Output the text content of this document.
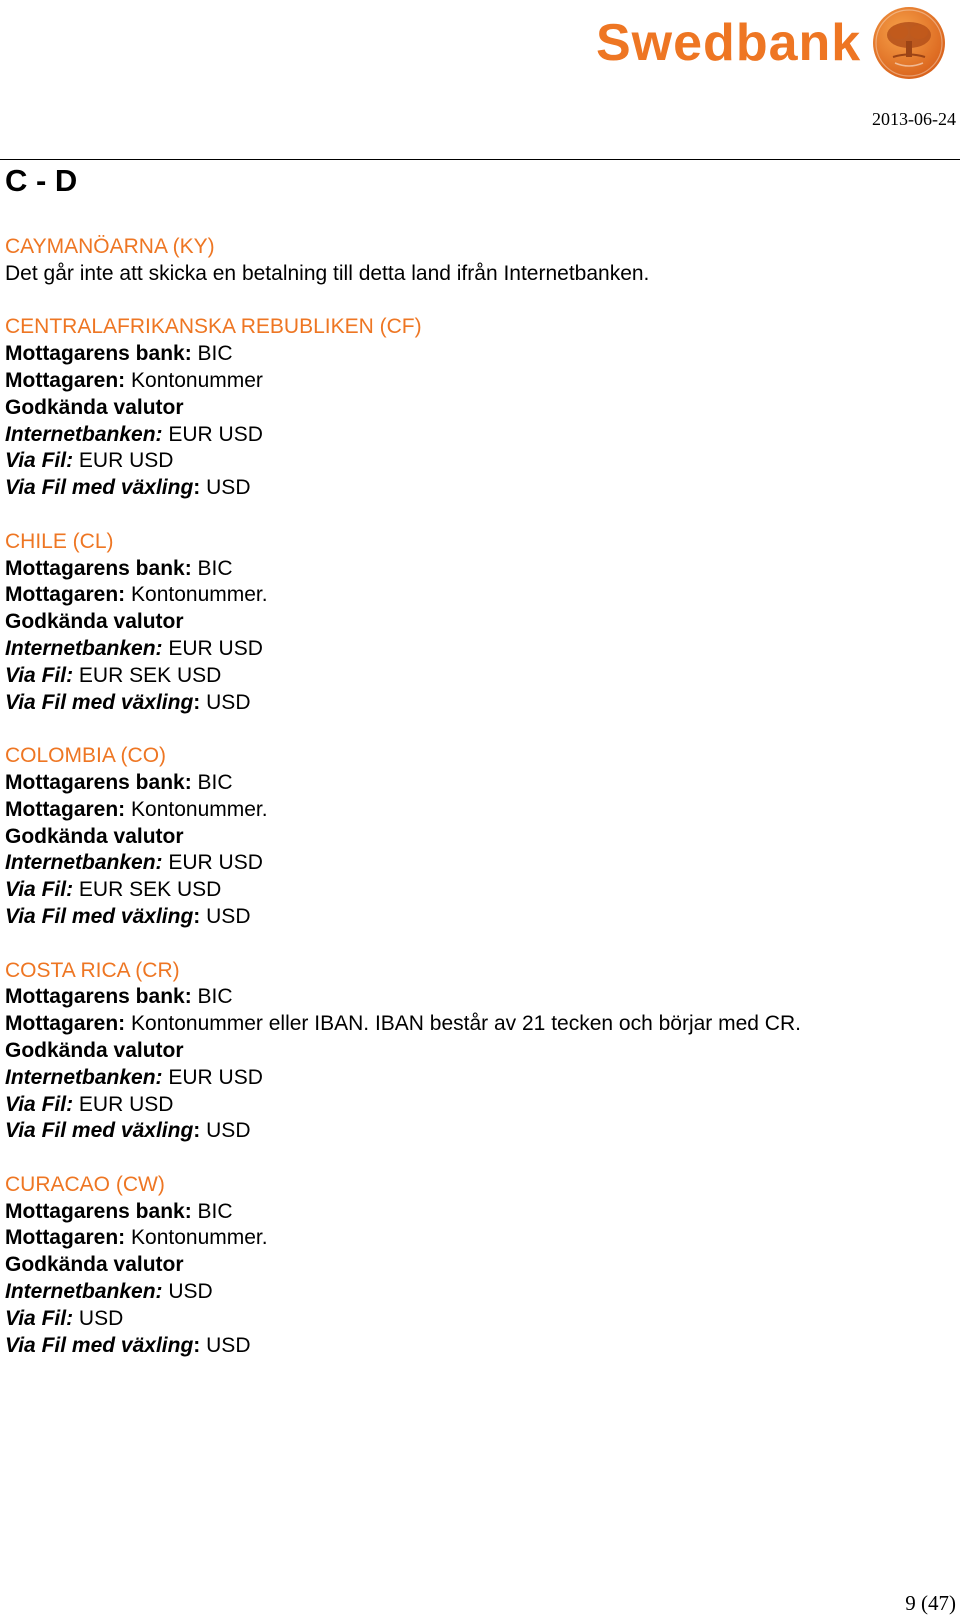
Swedbank
2013-06-24
C - D
CAYMANÖARNA (KY)
Det går inte att skicka en betalning till detta land ifrån Internetbanken.
CENTRALAFRIKANSKA REBUBLIKEN (CF)
Mottagarens bank: BIC
Mottagaren: Kontonummer
Godkända valutor
Internetbanken: EUR USD
Via Fil: EUR USD
Via Fil med växling: USD
CHILE (CL)
Mottagarens bank: BIC
Mottagaren: Kontonummer.
Godkända valutor
Internetbanken: EUR USD
Via Fil: EUR SEK USD
Via Fil med växling: USD
COLOMBIA (CO)
Mottagarens bank: BIC
Mottagaren: Kontonummer.
Godkända valutor
Internetbanken: EUR USD
Via Fil: EUR SEK USD
Via Fil med växling: USD
COSTA RICA (CR)
Mottagarens bank: BIC
Mottagaren: Kontonummer eller IBAN. IBAN består av 21 tecken och börjar med CR.
Godkända valutor
Internetbanken: EUR USD
Via Fil: EUR USD
Via Fil med växling: USD
CURACAO (CW)
Mottagarens bank: BIC
Mottagaren: Kontonummer.
Godkända valutor
Internetbanken: USD
Via Fil: USD
Via Fil med växling: USD
9 (47)
